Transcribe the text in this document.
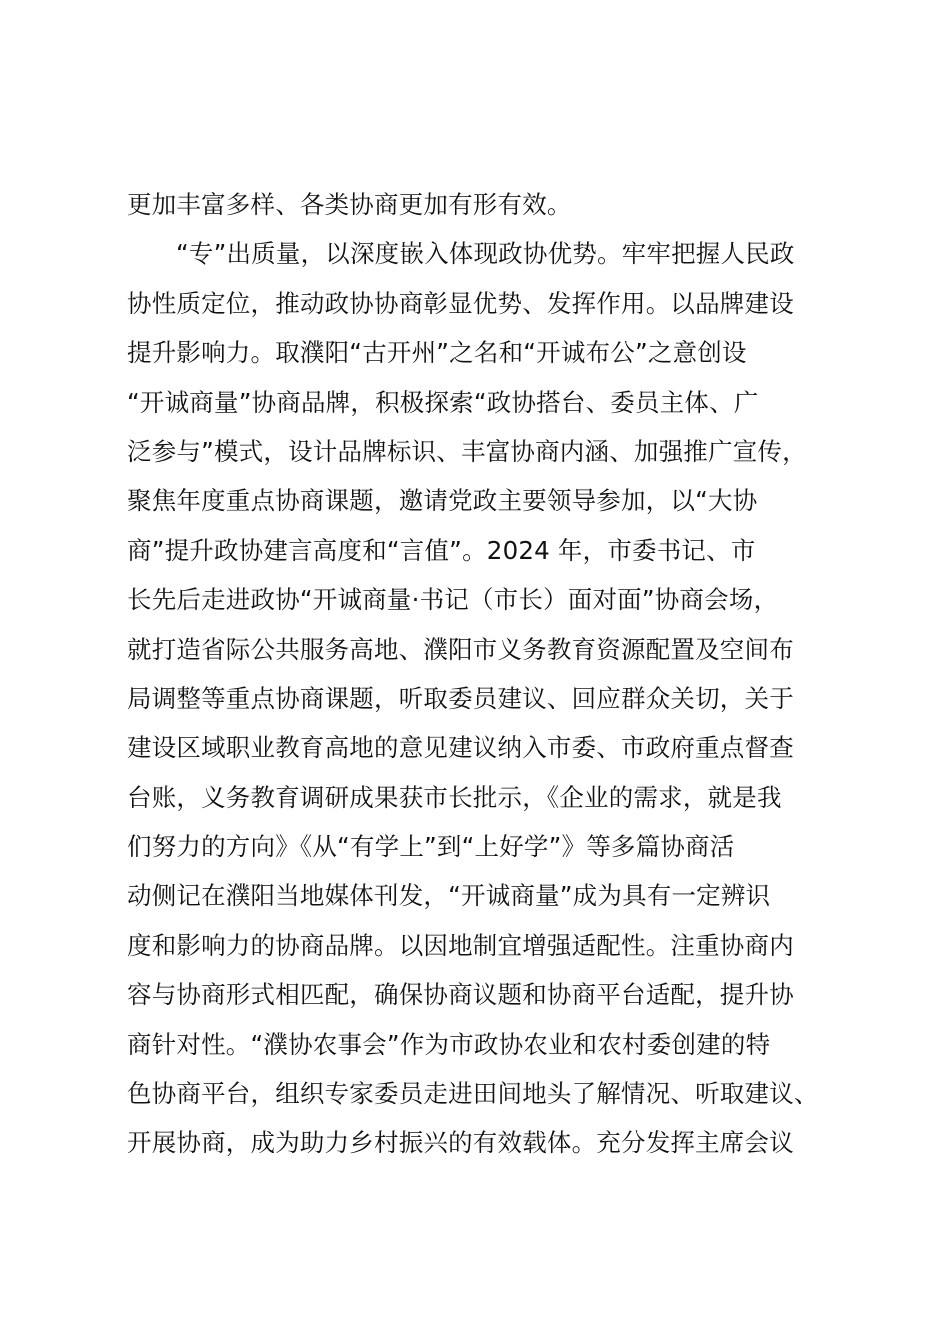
更加丰富多样、各类协商更加有形有效。
“专”出质量，以深度嵌入体现政协优势。牢牢把握人民政
协性质定位，推动政协协商彰显优势、发挥作用。以品牌建设
提升影响力。取濮阳“古开州”之名和“开诚布公”之意创设
“开诚商量”协商品牌，积极探索“政协搭台、委员主体、广
泛参与”模式，设计品牌标识、丰富协商内涵、加强推广宣传，
聚焦年度重点协商课题，邀请党政主要领导参加，以“大协
商”提升政协建言高度和“言值”。2024 年，市委书记、市
长先后走进政协“开诚商量·书记（市长）面对面”协商会场，
就打造省际公共服务高地、濮阳市义务教育资源配置及空间布
局调整等重点协商课题，听取委员建议、回应群众关切，关于
建设区域职业教育高地的意见建议纳入市委、市政府重点督查
台账，义务教育调研成果获市长批示，《企业的需求，就是我
们努力的方向》《从“有学上”到“上好学”》等多篇协商活
动侧记在濮阳当地媒体刊发，“开诚商量”成为具有一定辨识
度和影响力的协商品牌。以因地制宜增强适配性。注重协商内
容与协商形式相匹配，确保协商议题和协商平台适配，提升协
商针对性。“濮协农事会”作为市政协农业和农村委创建的特
色协商平台，组织专家委员走进田间地头了解情况、听取建议、
开展协商，成为助力乡村振兴的有效载体。充分发挥主席会议
